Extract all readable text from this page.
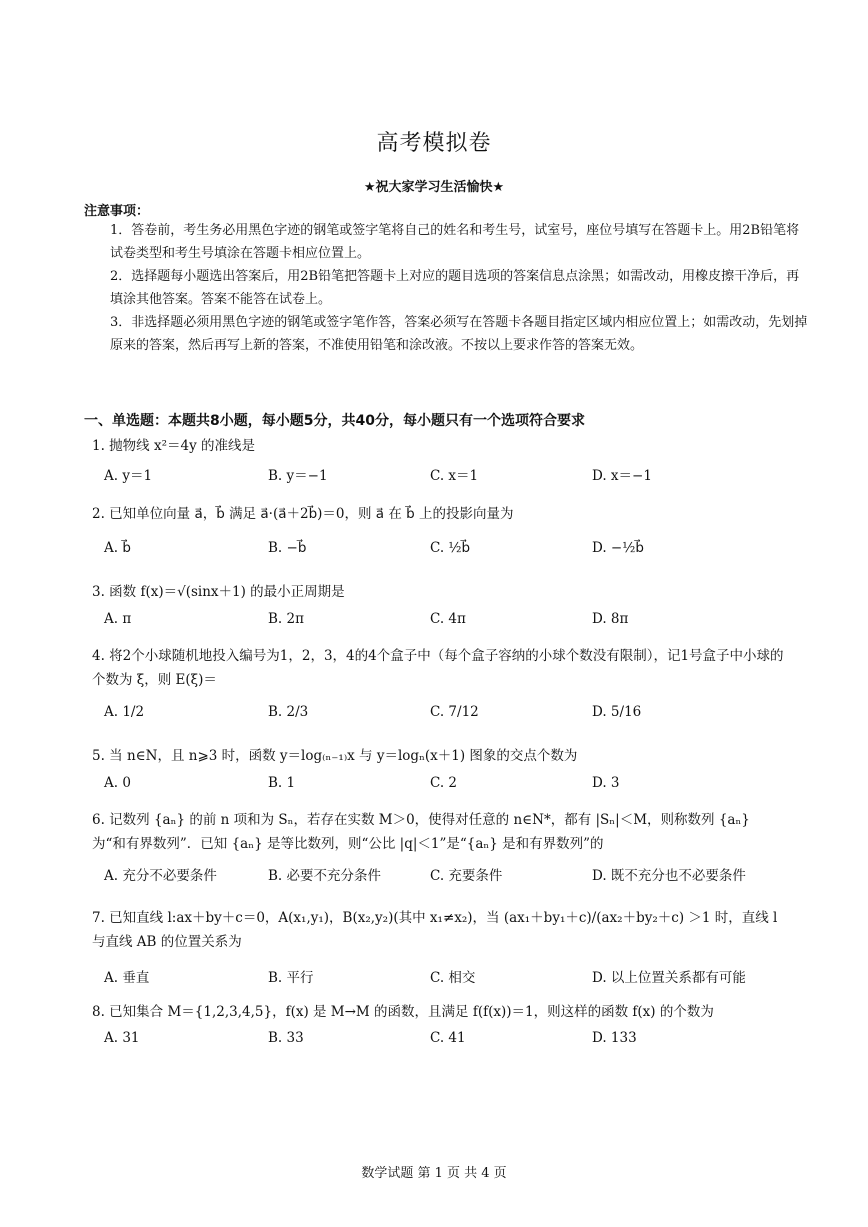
高考模拟卷
★祝大家学习生活愉快★
注意事项：
1．答卷前，考生务必用黑色字迹的钢笔或签字笔将自己的姓名和考生号，试室号，座位号填写在答题卡上。用2B铅笔将试卷类型和考生号填涂在答题卡相应位置上。
2．选择题每小题选出答案后，用2B铅笔把答题卡上对应的题目选项的答案信息点涂黑；如需改动，用橡皮擦干净后，再填涂其他答案。答案不能答在试卷上。
3．非选择题必须用黑色字迹的钢笔或签字笔作答，答案必须写在答题卡各题目指定区域内相应位置上；如需改动，先划掉原来的答案，然后再写上新的答案，不准使用铅笔和涂改液。不按以上要求作答的答案无效。
一、单选题：本题共8小题，每小题5分，共40分，每小题只有一个选项符合要求
1. 抛物线 x²＝4y 的准线是
A. y＝1	B. y＝−1	C. x＝1	D. x＝−1
2. 已知单位向量 a⃗，b⃗ 满足 a⃗·(a⃗＋2b⃗)＝0，则 a⃗ 在 b⃗ 上的投影向量为
A. b⃗	B. −b⃗	C. ½b⃗	D. −½b⃗
3. 函数 f(x)＝√(sinx＋1) 的最小正周期是
A. π	B. 2π	C. 4π	D. 8π
4. 将2个小球随机地投入编号为1，2，3，4的4个盒子中（每个盒子容纳的小球个数没有限制），记1号盒子中小球的个数为 ξ，则 E(ξ)＝
A. 1/2	B. 2/3	C. 7/12	D. 5/16
5. 当 n∈N，且 n⩾3 时，函数 y＝log₍ₙ₋₁₎x 与 y＝logₙ(x＋1) 图象的交点个数为
A. 0	B. 1	C. 2	D. 3
6. 记数列 {aₙ} 的前 n 项和为 Sₙ，若存在实数 M＞0，使得对任意的 n∈N*，都有 |Sₙ|＜M，则称数列 {aₙ} 为“和有界数列”．已知 {aₙ} 是等比数列，则“公比 |q|＜1”是“{aₙ} 是和有界数列”的
A. 充分不必要条件	B. 必要不充分条件	C. 充要条件	D. 既不充分也不必要条件
7. 已知直线 l:ax＋by＋c＝0，A(x₁,y₁)，B(x₂,y₂)(其中 x₁≠x₂)，当 (ax₁＋by₁＋c)/(ax₂＋by₂＋c) ＞1 时，直线 l 与直线 AB 的位置关系为
A. 垂直	B. 平行	C. 相交	D. 以上位置关系都有可能
8. 已知集合 M＝{1,2,3,4,5}，f(x) 是 M→M 的函数，且满足 f(f(x))＝1，则这样的函数 f(x) 的个数为
A. 31	B. 33	C. 41	D. 133
数学试题 第 1 页 共 4 页
